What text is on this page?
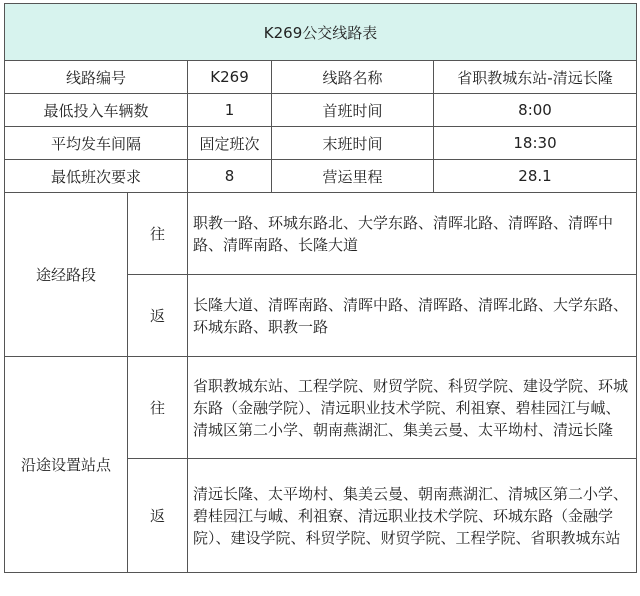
K269公交线路表				
线路编号		K269	线路名称	省职教城东站-清远长隆
最低投入车辆数		1	首班时间	8:00
平均发车间隔		固定班次	末班时间	18:30
最低班次要求		8	营运里程	28.1
途经路段	往	职教一路、环城东路北、大学东路、清晖北路、清晖路、清晖中路、清晖南路、长隆大道		
	返	长隆大道、清晖南路、清晖中路、清晖路、清晖北路、大学东路、环城东路、职教一路		
沿途设置站点	往	省职教城东站、工程学院、财贸学院、科贸学院、建设学院、环城东路（金融学院）、清远职业技术学院、利祖寮、碧桂园江与峸、清城区第二小学、朝南燕湖汇、集美云曼、太平坳村、清远长隆		
	返	清远长隆、太平坳村、集美云曼、朝南燕湖汇、清城区第二小学、碧桂园江与峸、利祖寮、清远职业技术学院、环城东路（金融学院）、建设学院、科贸学院、财贸学院、工程学院、省职教城东站		
